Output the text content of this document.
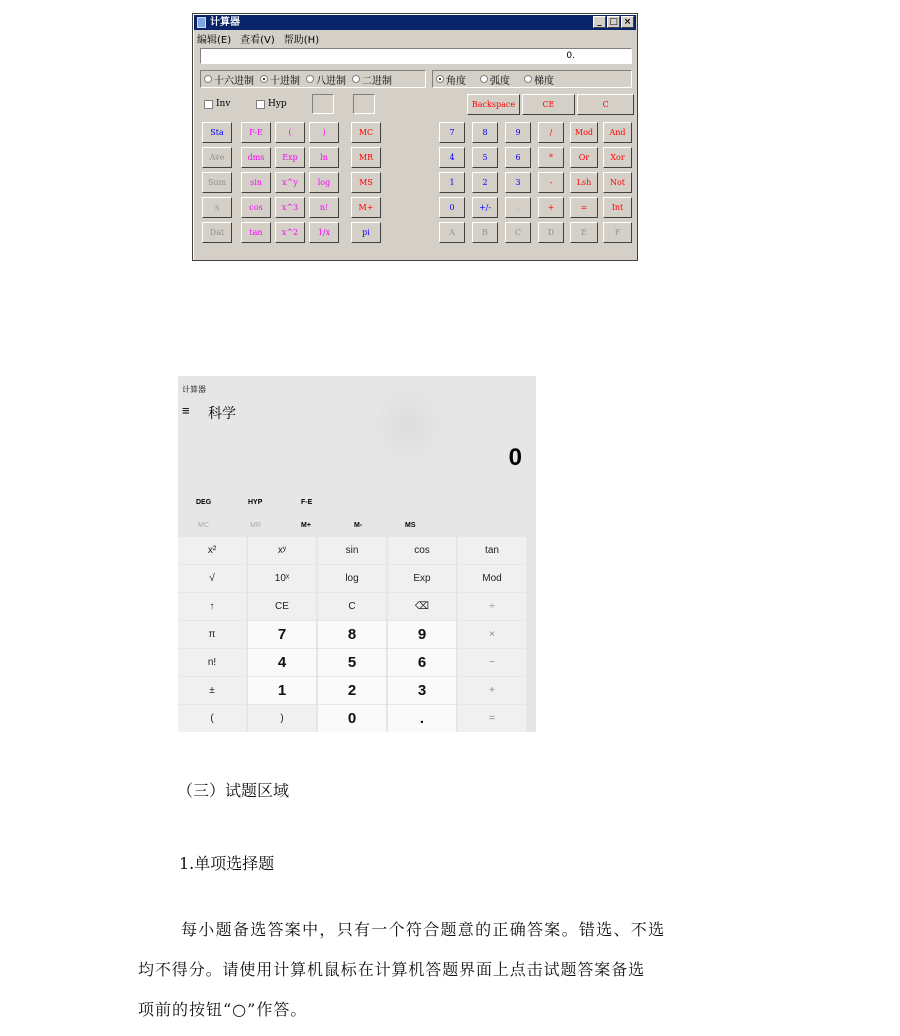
计算器	_ □ ×
编辑(E) 查看(V) 帮助(H)
0.
十六进制 十进制 八进制 二进制	角度 弧度 梯度
Inv	Hyp	Backspace	CE	C
Sta
Ave
Sum
s
Dat
F-E	(	)
dms	Exp	ln
sin	x^y	log
cos	x^3	n!
tan	x^2	1/x
MC
MR
MS
M+
pi
7	8	9	/	Mod	And
4	5	6	*	Or	Xor
1	2	3	-	Lsh	Not
0	+/-	.	+	=	Int
A	B	C	D	E	F
计算器
≡ 科学
0
DEG	HYP	F-E
MC	MR	M+	M-	MS
x²	xʸ	sin	cos	tan
√	10ˣ	log	Exp	Mod
↑	CE	C	⌫	÷
π	7	8	9	×
n!	4	5	6	−
±	1	2	3	+
(	)	0	.	=
（三）试题区域
1.单项选择题
每小题备选答案中，只有一个符合题意的正确答案。错选、不选
均不得分。请使用计算机鼠标在计算机答题界面上点击试题答案备选
项前的按钮“○”作答。
